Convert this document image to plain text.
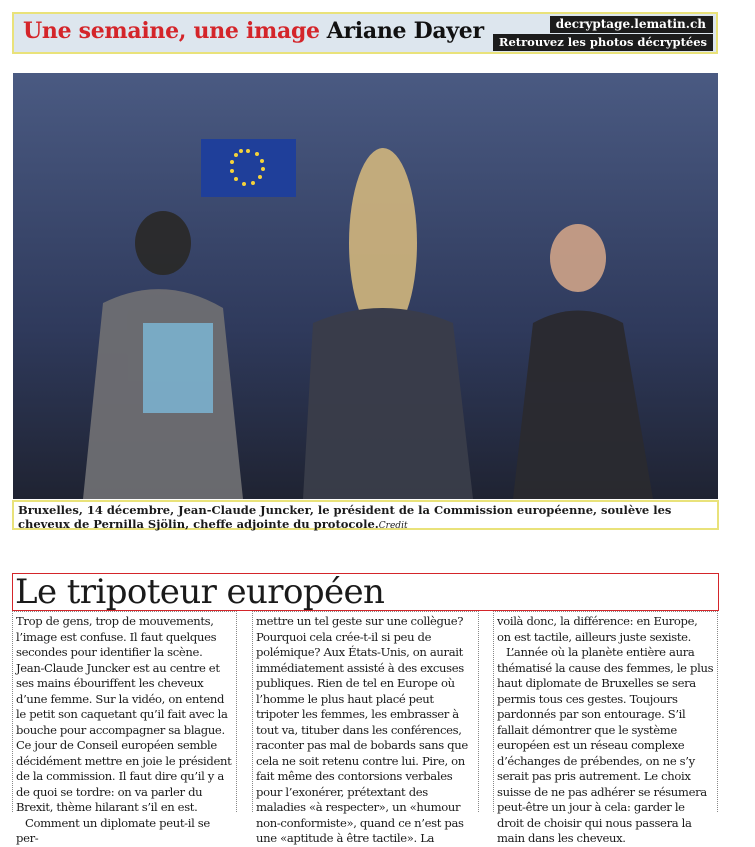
Une semaine, une image Ariane Dayer	decryptage.lematin.ch
Retrouvez les photos décryptées
Bruxelles, 14 décembre, Jean-Claude Juncker, le président de la Commission européenne, soulève les cheveux de Pernilla Sjölin, cheffe adjointe du protocole.Credit
Le tripoteur européen

Trop de gens, trop de mouvements, l’image est confuse. Il faut quelques secondes pour identifier la scène. Jean-Claude Juncker est au centre et ses mains ébouriffent les cheveux d’une femme. Sur la vidéo, on entend le petit son caquetant qu’il fait avec la bouche pour accompagner sa blague. Ce jour de Conseil européen semble décidément mettre en joie le président de la commission. Il faut dire qu’il y a de quoi se tordre: on va parler du Brexit, thème hilarant s’il en est.

Comment un diplomate peut-il se per-

mettre un tel geste sur une collègue? Pourquoi cela crée-t-il si peu de polémique? Aux États-Unis, on aurait immédiatement assisté à des excuses publiques. Rien de tel en Europe où l’homme le plus haut placé peut tripoter les femmes, les embrasser à tout va, tituber dans les conférences, raconter pas mal de bobards sans que cela ne soit retenu contre lui. Pire, on fait même des contorsions verbales pour l’exonérer, prétextant des maladies «à respecter», un «humour non-conformiste», quand ce n’est pas une «aptitude à être tactile». La

voilà donc, la différence: en Europe, on est tactile, ailleurs juste sexiste.

L’année où la planète entière aura thématisé la cause des femmes, le plus haut diplomate de Bruxelles se sera permis tous ces gestes. Toujours pardonnés par son entourage. S’il fallait démontrer que le système européen est un réseau complexe d’échanges de prébendes, on ne s’y serait pas pris autrement. Le choix suisse de ne pas adhérer se résumera peut-être un jour à cela: garder le droit de choisir qui nous passera la main dans les cheveux.
